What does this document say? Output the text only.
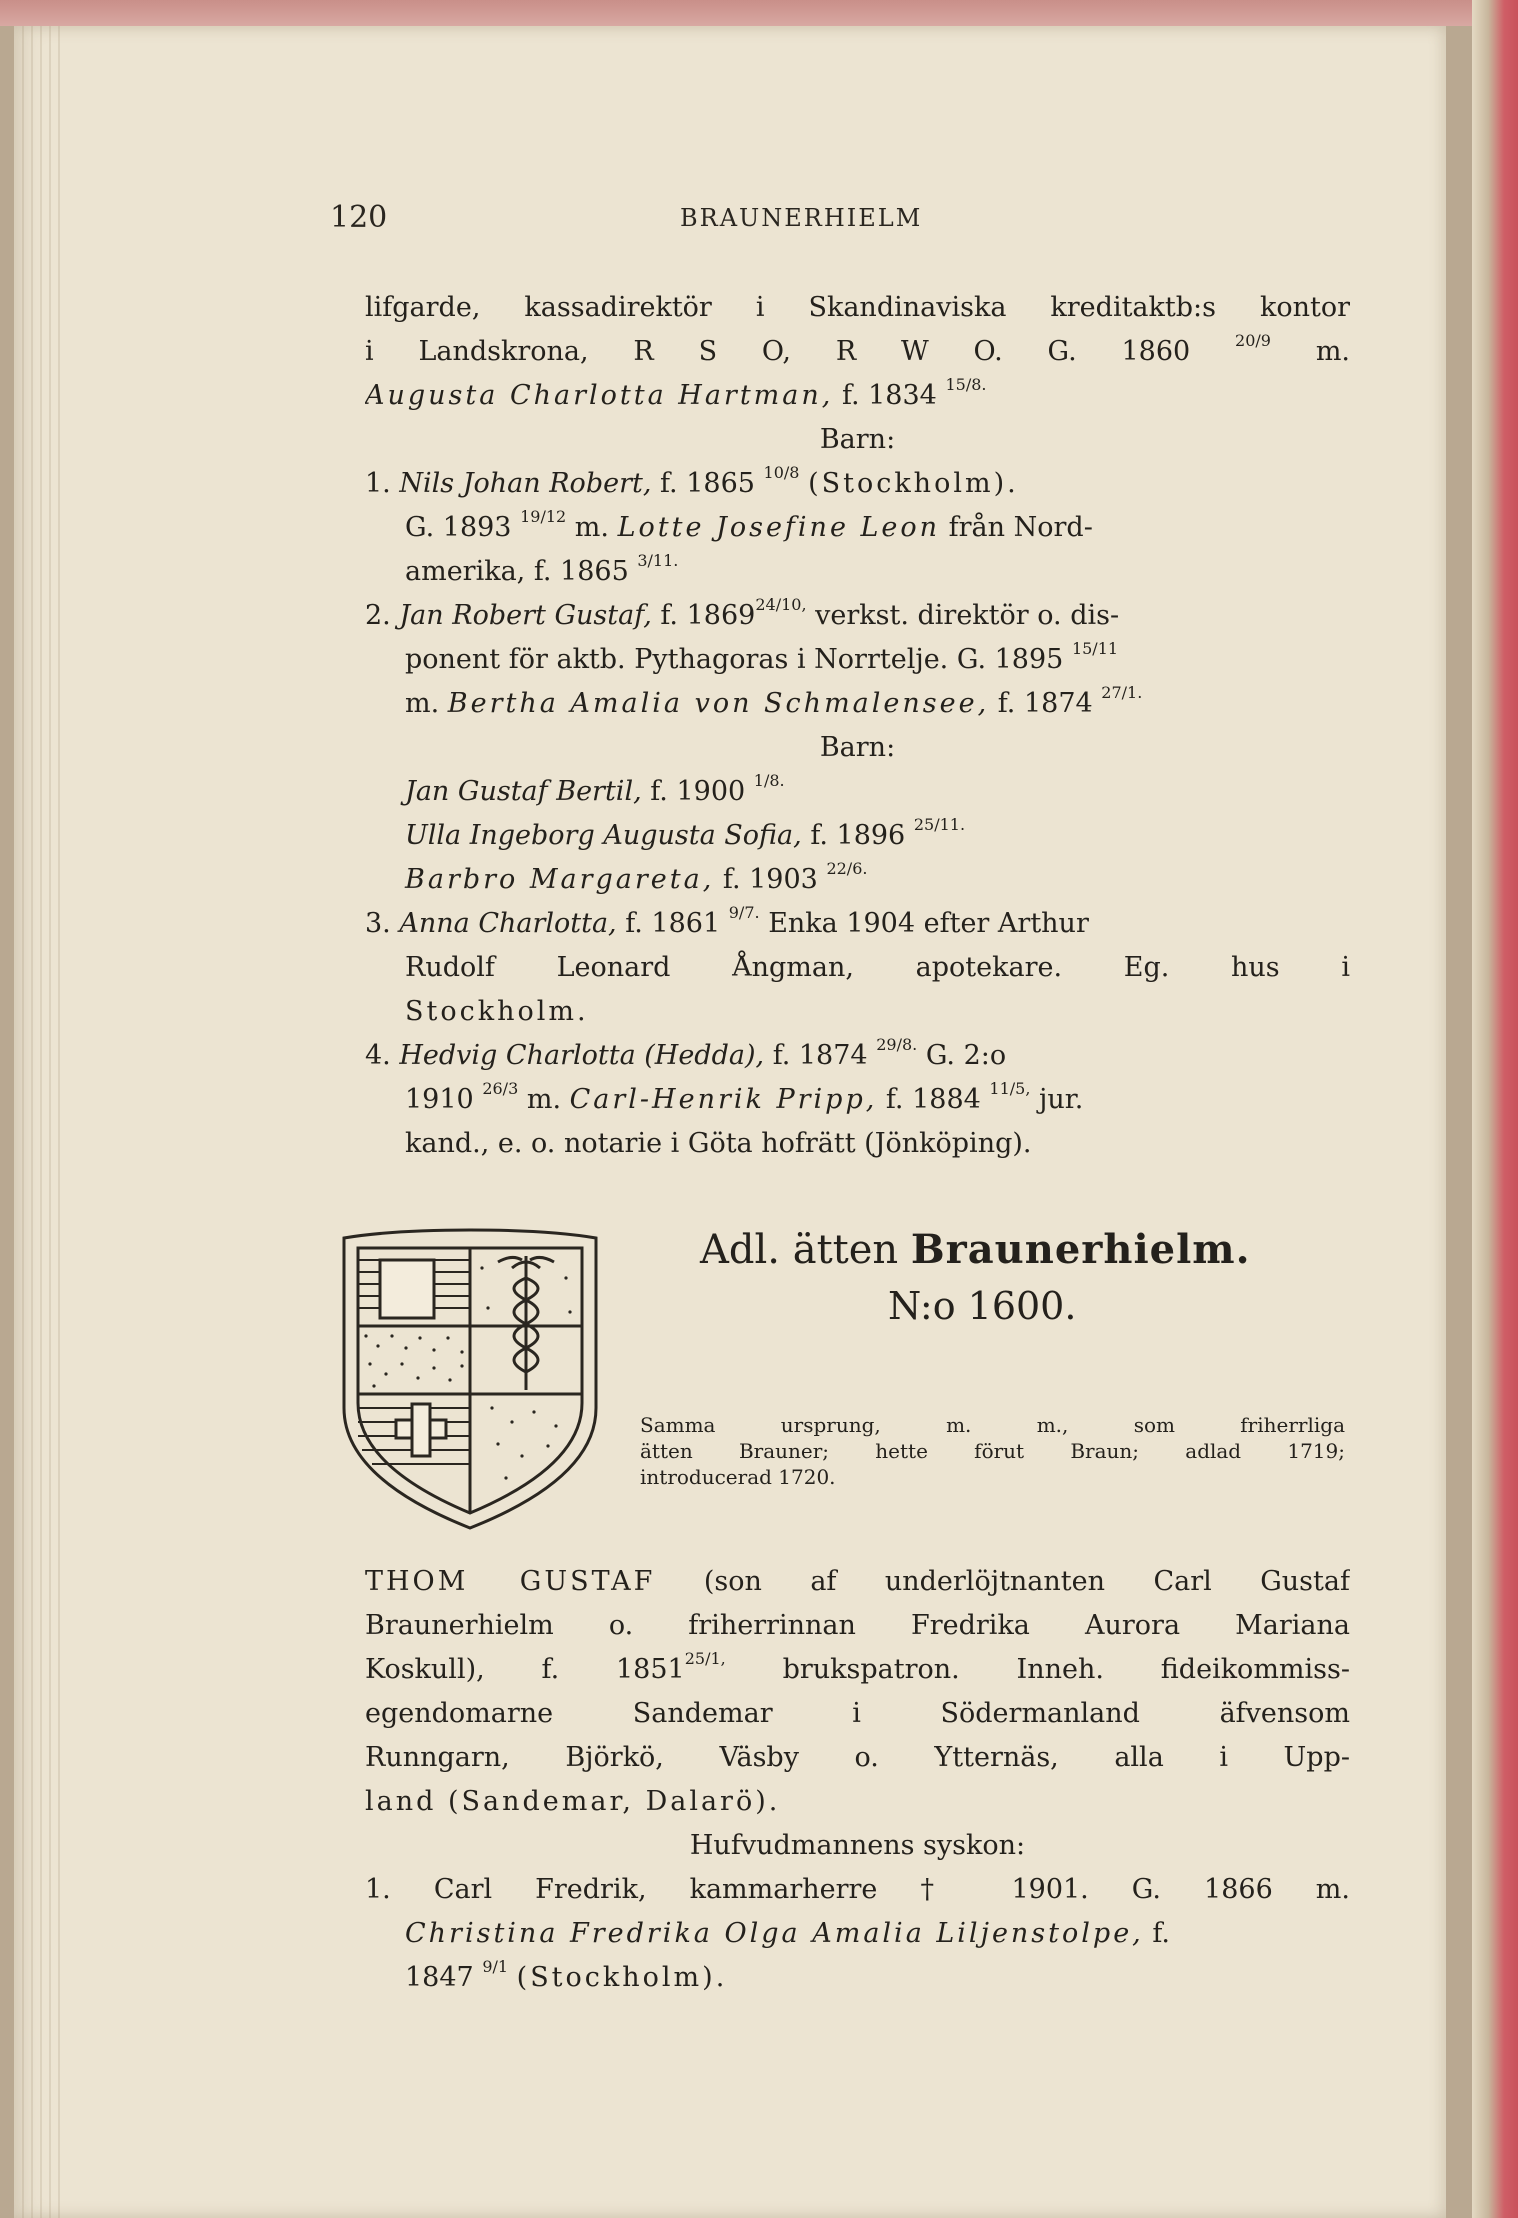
120	BRAUNERHIELM
lifgarde, kassadirektör i Skandinaviska kreditaktb:s kontor
i Landskrona, R S O, R W O. G. 1860	$^{20/9}$ m.
Augusta Charlotta Hartman, f. 1834 $^{15/8.}$
Barn:
1. Nils Johan Robert, f. 1865 $^{10/8}$ (Stockholm).
G. 1893 $^{19/12}$ m. Lotte Josefine Leon från Nord-
amerika, f. 1865 $^{3/11.}$
2. Jan Robert Gustaf, f. $1869^{24/10,}$ verkst. direktör o. dis-
ponent för aktb. Pythagoras i Norrtelje. G. 1895 $^{15/11}$
m. Bertha Amalia von Schmalensee, f. 1874 $^{27/1.}$
Barn:
Jan Gustaf Bertil, f. 1900 $^{1/8.}$
Ulla Ingeborg Augusta Sofia, f. 1896 $^{25/11.}$
Barbro Margareta, f. 1903 $^{22/6.}$
3. Anna Charlotta, f. 1861 $^{9/7.}$ Enka 1904 efter Arthur
Rudolf Leonard Ångman, apotekare. Eg. hus i
Stockholm.
4. Hedvig Charlotta (Hedda), f. 1874 $^{29/8.}$ G. 2:o
1910 $^{26/3}$ m. Carl-Henrik Pripp, f. 1884 $^{11/5,}$ jur.
kand., e. o. notarie i Göta hofrätt (Jönköping).
Adl. ätten Braunerhielm.
N:o 1600.
Samma ursprung, m. m., som friherrliga
ätten Brauner; hette förut Braun; adlad 1719;
introducerad 1720.
THOM GUSTAF (son af underlöjtnanten Carl Gustaf
Braunerhielm o. friherrinnan Fredrika Aurora Mariana
Koskull), f. $1851^{25/1,}$ brukspatron. Inneh. fideikommiss-
egendomarne Sandemar i Södermanland äfvensom
Runngarn, Björkö, Väsby o. Ytternäs, alla i Upp-
land (Sandemar, Dalarö).
Hufvudmannens syskon:
1. Carl Fredrik, kammarherre † 1901. G. 1866 m.
Christina Fredrika Olga Amalia Liljenstolpe, f.
1847 $^{9/1}$ (Stockholm).
